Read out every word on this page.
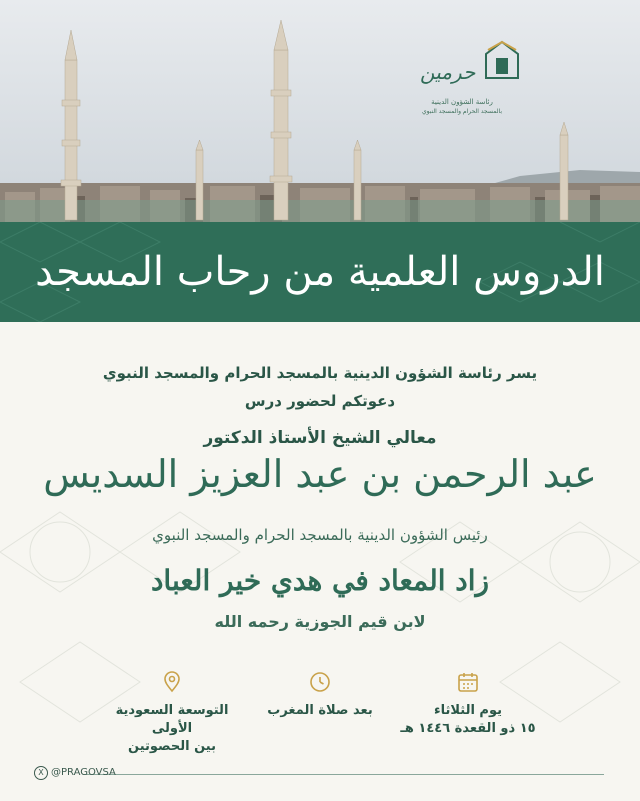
حرمين
رئاسة الشؤون الدينية
بالمسجد الحرام والمسجد النبوي
الدروس العلمية من رحاب المسجد
يسر رئاسة الشؤون الدينية بالمسجد الحرام والمسجد النبوي
دعوتكم لحضور درس
معالي الشيخ الأستاذ الدكتور
عبد الرحمن بن عبد العزيز السديس
رئيس الشؤون الدينية بالمسجد الحرام والمسجد النبوي
زاد المعاد في هدي خير العباد
لابن قيم الجوزية رحمه الله
يوم الثلاثاء
١٥ ذو القعدة ١٤٤٦ هـ
بعد صلاة المغرب
التوسعة السعودية الأولى
بين الحصوتين
X @PRAGOVSA
